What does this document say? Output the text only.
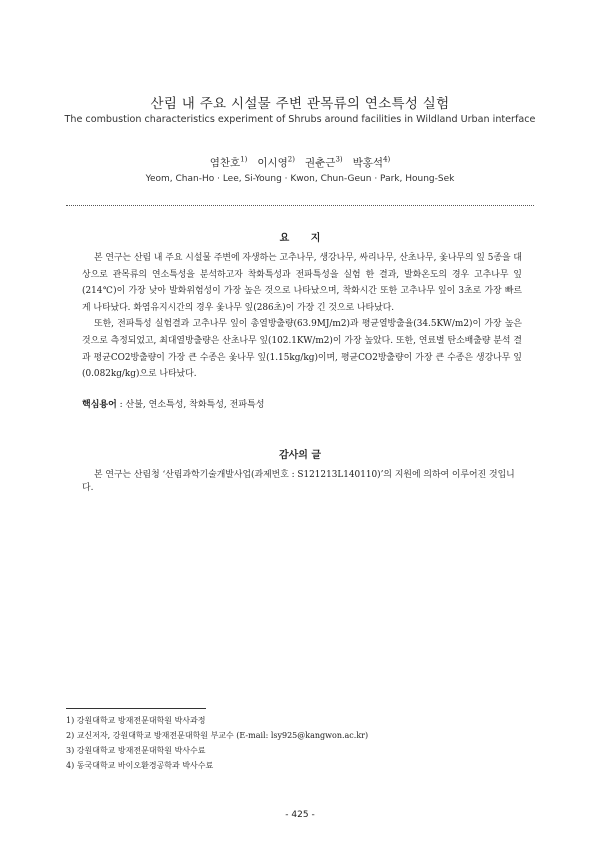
산림 내 주요 시설물 주변 관목류의 연소특성 실험
The combustion characteristics experiment of Shrubs around facilities in Wildland Urban interface
염찬호$^{1)}$ 이시영$^{2)}$ 권춘근$^{3)}$ 박홍석$^{4)}$
Yeom, Chan-Ho · Lee, Si-Young · Kwon, Chun-Geun · Park, Houng-Sek
요 지

본 연구는 산림 내 주요 시설물 주변에 자생하는 고추나무, 생강나무, 싸리나무, 산초나무, 옻나무의 잎 5종을 대상으로 관목류의 연소특성을 분석하고자 착화특성과 전파특성을 실험 한 결과, 발화온도의 경우 고추나무 잎(214℃)이 가장 낮아 발화위험성이 가장 높은 것으로 나타났으며, 착화시간 또한 고추나무 잎이 3초로 가장 빠르게 나타났다. 화염유지시간의 경우 옻나무 잎(286초)이 가장 긴 것으로 나타났다.

또한, 전파특성 실험결과 고추나무 잎이 총열방출량(63.9MJ/m2)과 평균열방출율(34.5KW/m2)이 가장 높은 것으로 측정되었고, 최대열방출량은 산초나무 잎(102.1KW/m2)이 가장 높았다. 또한, 연료별 탄소배출량 분석 결과 평균CO2방출량이 가장 큰 수종은 옻나무 잎(1.15kg/kg)이며, 평균CO2방출량이 가장 큰 수종은 생강나무 잎(0.082kg/kg)으로 나타났다.

핵심용어 : 산불, 연소특성, 착화특성, 전파특성
감사의 글
본 연구는 산림청 ‘산림과학기술개발사업(과제번호 : S121213L140110)’의 지원에 의하여 이루어진 것입니다.
1) 강원대학교 방재전문대학원 박사과정
2) 교신저자, 강원대학교 방재전문대학원 부교수 (E-mail: lsy925@kangwon.ac.kr)
3) 강원대학교 방재전문대학원 박사수료
4) 동국대학교 바이오환경공학과 박사수료
- 425 -
